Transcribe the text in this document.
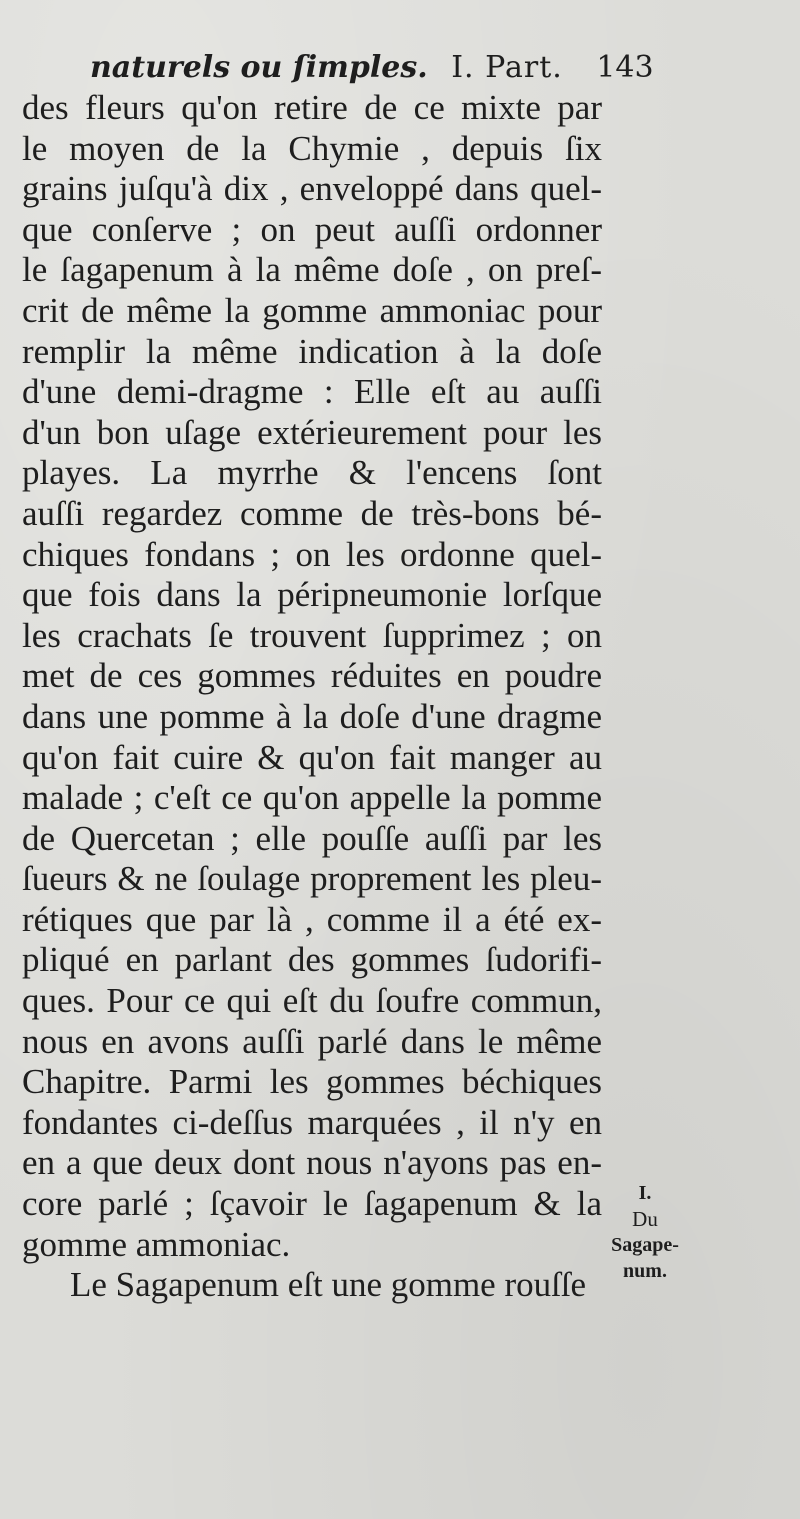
naturels ou ſimples. I. Part. 143
des fleurs qu'on retire de ce mixte par
le moyen de la Chymie , depuis ſix
grains juſqu'à dix , enveloppé dans quel-
que conſerve ; on peut auſſi ordonner
le ſagapenum à la même doſe , on preſ-
crit de même la gomme ammoniac pour
remplir la même indication à la doſe
d'une demi-dragme : Elle eſt au auſſi
d'un bon uſage extérieurement pour les
playes. La myrrhe & l'encens ſont
auſſi regardez comme de très-bons bé-
chiques fondans ; on les ordonne quel-
que fois dans la péripneumonie lorſque
les crachats ſe trouvent ſupprimez ; on
met de ces gommes réduites en poudre
dans une pomme à la doſe d'une dragme
qu'on fait cuire & qu'on fait manger au
malade ; c'eſt ce qu'on appelle la pomme
de Quercetan ; elle pouſſe auſſi par les
ſueurs & ne ſoulage proprement les pleu-
rétiques que par là , comme il a été ex-
pliqué en parlant des gommes ſudorifi-
ques. Pour ce qui eſt du ſoufre commun,
nous en avons auſſi parlé dans le même
Chapitre. Parmi les gommes béchiques
fondantes ci-deſſus marquées , il n'y en
en a que deux dont nous n'ayons pas en-
core parlé ; ſçavoir le ſagapenum & la
gomme ammoniac.
Le Sagapenum eſt une gomme rouſſe
I.
Du
Sagape-
num.
